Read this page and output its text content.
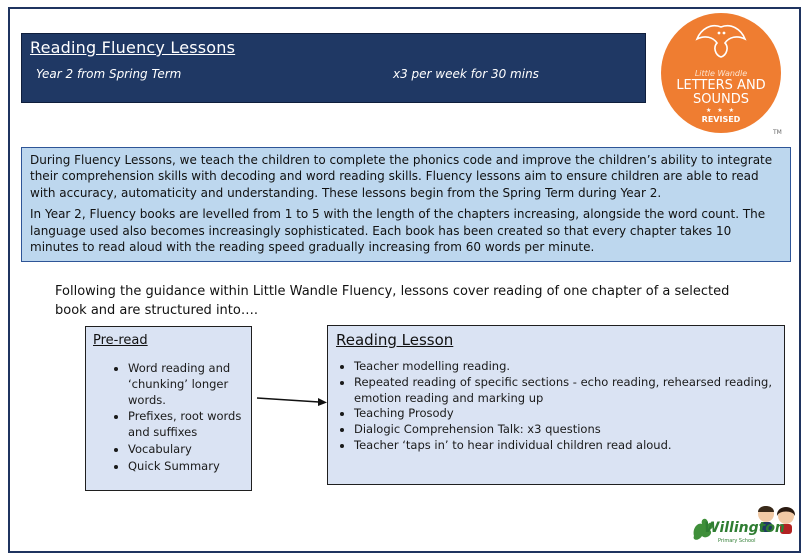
Reading Fluency Lessons
Year 2 from Spring Term	x3 per week for 30 mins	Little Wandle
LETTERS AND
SOUNDS
★ ★ ★
REVISED
TM

During Fluency Lessons, we teach the children to complete the phonics code and improve the children’s ability to integrate their comprehension skills with decoding and word reading skills. Fluency lessons aim to ensure children are able to read with accuracy, automaticity and understanding. These lessons begin from the Spring Term during Year 2.

In Year 2, Fluency books are levelled from 1 to 5 with the length of the chapters increasing, alongside the word count. The language used also becomes increasingly sophisticated. Each book has been created so that every chapter takes 10 minutes to read aloud with the reading speed gradually increasing from 60 words per minute.

Following the guidance within Little Wandle Fluency, lessons cover reading of one chapter of a selected book and are structured into….
Pre-read
• Word reading and ‘chunking’ longer words.
• Prefixes, root words and suffixes
• Vocabulary
• Quick Summary
Reading Lesson
• Teacher modelling reading.
• Repeated reading of specific sections - echo reading, rehearsed reading, emotion reading and marking up
• Teaching Prosody
• Dialogic Comprehension Talk: x3 questions
• Teacher ‘taps in’ to hear individual children read aloud.
Willington
Primary School
